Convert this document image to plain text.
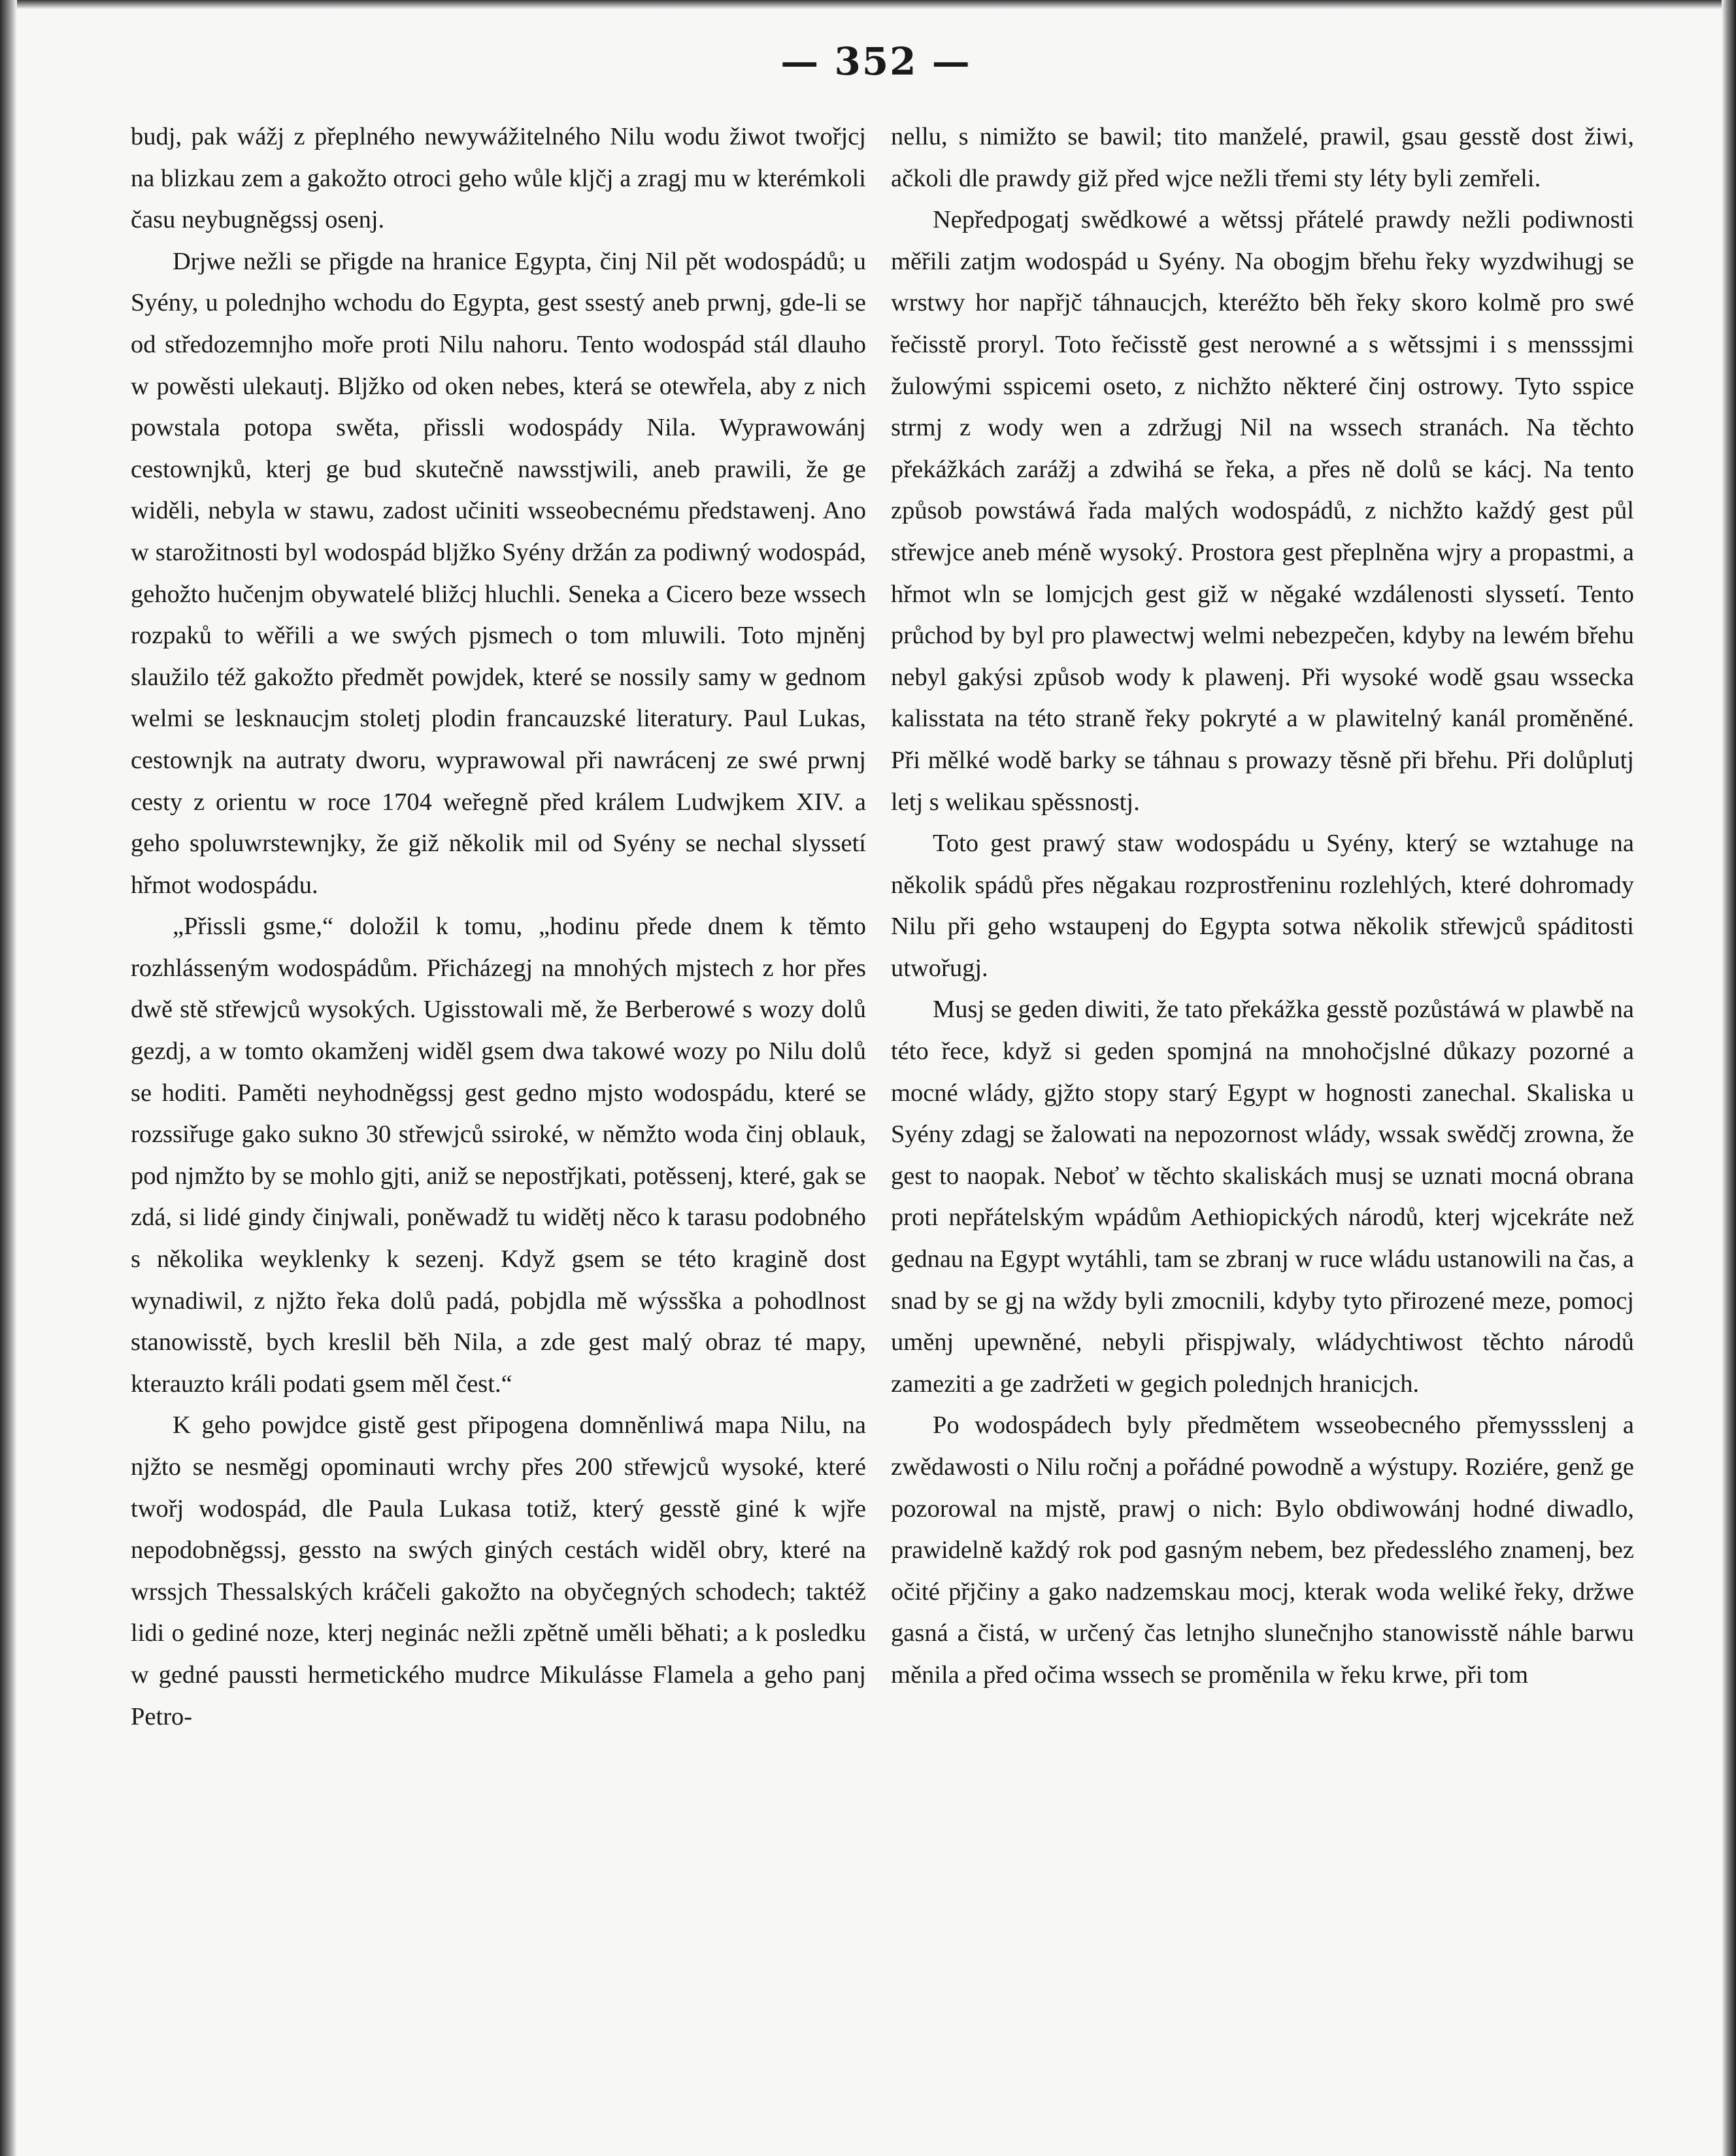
— 352 —

budj, pak wážj z přeplného newywážitelného Nilu wodu žiwot twořjcj na blizkau zem a gakožto otroci geho wůle klјčj a zragj mu w kterémkoli času neybugněgssj osenj.

Drjwe nežli se přigde na hranice Egypta, činj Nil pět wodospádů; u Syény, u polednjho wchodu do Egypta, gest ssestý aneb prwnj, gde-li se od středozemnjho moře proti Nilu nahoru. Tento wodospád stál dlauho w powěsti ulekautj. Blјžko od oken nebes, která se otewřela, aby z nich powstala potopa swěta, přissli wodospády Nila. Wyprawowánj cestownjků, kterj ge bud skutečně nawsstjwili, aneb prawili, že ge widěli, nebyla w stawu, zadost učiniti wsseobecnému předstawenj. Ano w starožitnosti byl wodospád blјžko Syény držán za podiwný wodospád, gehožto hučenjm obywatelé bližcj hluchli. Seneka a Cicero beze wssech rozpaků to wěřili a we swých pjsmech o tom mluwili. Toto mjněnj slaužilo též gakožto předmět powjdek, které se nossily samy w gednom welmi se lesknaucjm stoletj plodin francauzské literatury. Paul Lukas, cestownjk na autraty dworu, wyprawowal při nawrácenj ze swé prwnj cesty z orientu w roce 1704 weřegně před králem Ludwjkem XIV. a geho spoluwrstewnjky, že giž několik mil od Syény se nechal slyssetí hřmot wodospádu.

„Přissli gsme,“ doložil k tomu, „hodinu přede dnem k těmto rozhlásseným wodospádům. Přicházegj na mnohých mjstech z hor přes dwě stě střewjců wysokých. Ugisstowali mě, že Berberowé s wozy dolů gezdj, a w tomto okamženj widěl gsem dwa takowé wozy po Nilu dolů se hoditi. Paměti neyhodněgssj gest gedno mjsto wodospádu, které se rozssiřuge gako sukno 30 střewjců ssiroké, w němžto woda činj oblauk, pod njmžto by se mohlo gjti, aniž se nepostřjkati, potěssenj, které, gak se zdá, si lidé gindy činjwali, poněwadž tu widětj něco k tarasu podobného s několika weyklenky k sezenj. Když gsem se této kragině dost wynadiwil, z njžto řeka dolů padá, pobjdla mě wýssška a pohodlnost stanowisstě, bych kreslil běh Nila, a zde gest malý obraz té mapy, kterauzto králi podati gsem měl čest.“

K geho powjdce gistě gest připogena domněnliwá mapa Nilu, na njžto se nesměgj opominauti wrchy přes 200 střewjců wysoké, které twořj wodospád, dle Paula Lukasa totiž, který gesstě giné k wjře nepodobněgssj, gessto na swých giných cestách widěl obry, které na wrssjch Thessalských kráčeli gakožto na obyčegných schodech; taktéž lidi o gediné noze, kterj neginác nežli zpětně uměli běhati; a k posledku w gedné paussti hermetického mudrce Mikulásse Flamela a geho panj Petro-

nellu, s nimižto se bawil; tito manželé, prawil, gsau gesstě dost žiwi, ačkoli dle prawdy giž před wjce nežli třemi sty léty byli zemřeli.

Nepředpogatj swědkowé a wětssj přátelé prawdy nežli podiwnosti měřili zatjm wodospád u Syény. Na obogjm břehu řeky wyzdwihugj se wrstwy hor napřjč táhnaucjch, kteréžto běh řeky skoro kolmě pro swé řečisstě proryl. Toto řečisstě gest nerowné a s wětssjmi i s mensssjmi žulowými sspicemi oseto, z nichžto některé činj ostrowy. Tyto sspice strmj z wody wen a zdržugj Nil na wssech stranách. Na těchto překážkách zarážj a zdwihá se řeka, a přes ně dolů se kácj. Na tento způsob powstáwá řada malých wodospádů, z nichžto každý gest půl střewjce aneb méně wysoký. Prostora gest přeplněna wjry a propastmi, a hřmot wln se lomjcjch gest giž w něgaké wzdálenosti slyssetí. Tento průchod by byl pro plawectwj welmi nebezpečen, kdyby na lewém břehu nebyl gakýsi způsob wody k plawenj. Při wysoké wodě gsau wssecka kalisstata na této straně řeky pokryté a w plawitelný kanál proměněné. Při mělké wodě barky se táhnau s prowazy těsně při břehu. Při dolůplutj letj s welikau spěssnostj.

Toto gest prawý staw wodospádu u Syény, který se wztahuge na několik spádů přes něgakau rozprostřeninu rozlehlých, které dohromady Nilu při geho wstaupenj do Egypta sotwa několik střewjců spáditosti utwořugj.

Musj se geden diwiti, že tato překážka gesstě pozůstáwá w plawbě na této řece, když si geden spomjná na mnohočjslné důkazy pozorné a mocné wlády, gjžto stopy starý Egypt w hognosti zanechal. Skaliska u Syény zdagj se žalowati na nepozornost wlády, wssak swědčj zrowna, že gest to naopak. Neboť w těchto skaliskách musj se uznati mocná obrana proti nepřátelským wpádům Aethiopických národů, kterj wjcekráte než gednau na Egypt wytáhli, tam se zbranj w ruce wládu ustanowili na čas, a snad by se gj na wždy byli zmocnili, kdyby tyto přirozené meze, pomocj uměnj upewněné, nebyli přispjwaly, wládychtiwost těchto národů zamezitі a ge zadržeti w gegich polednjch hranicjch.

Po wodospádech byly předmětem wsseobecného přemyssslenj a zwědawosti o Nilu ročnj a pořádné powodně a wýstupy. Roziére, genž ge pozorowal na mjstě, prawj o nich: Bylo obdiwowánj hodné diwadlo, prawidelně každý rok pod gasným nebem, bez předesslého znamenj, bez očité přjčiny a gako nadzemskau mocj, kterak woda weliké řeky, držwe gasná a čistá, w určený čas letnjho slunečnjho stanowisstě náhle barwu měnila a před očima wssech se proměnila w řeku krwe, při tom
